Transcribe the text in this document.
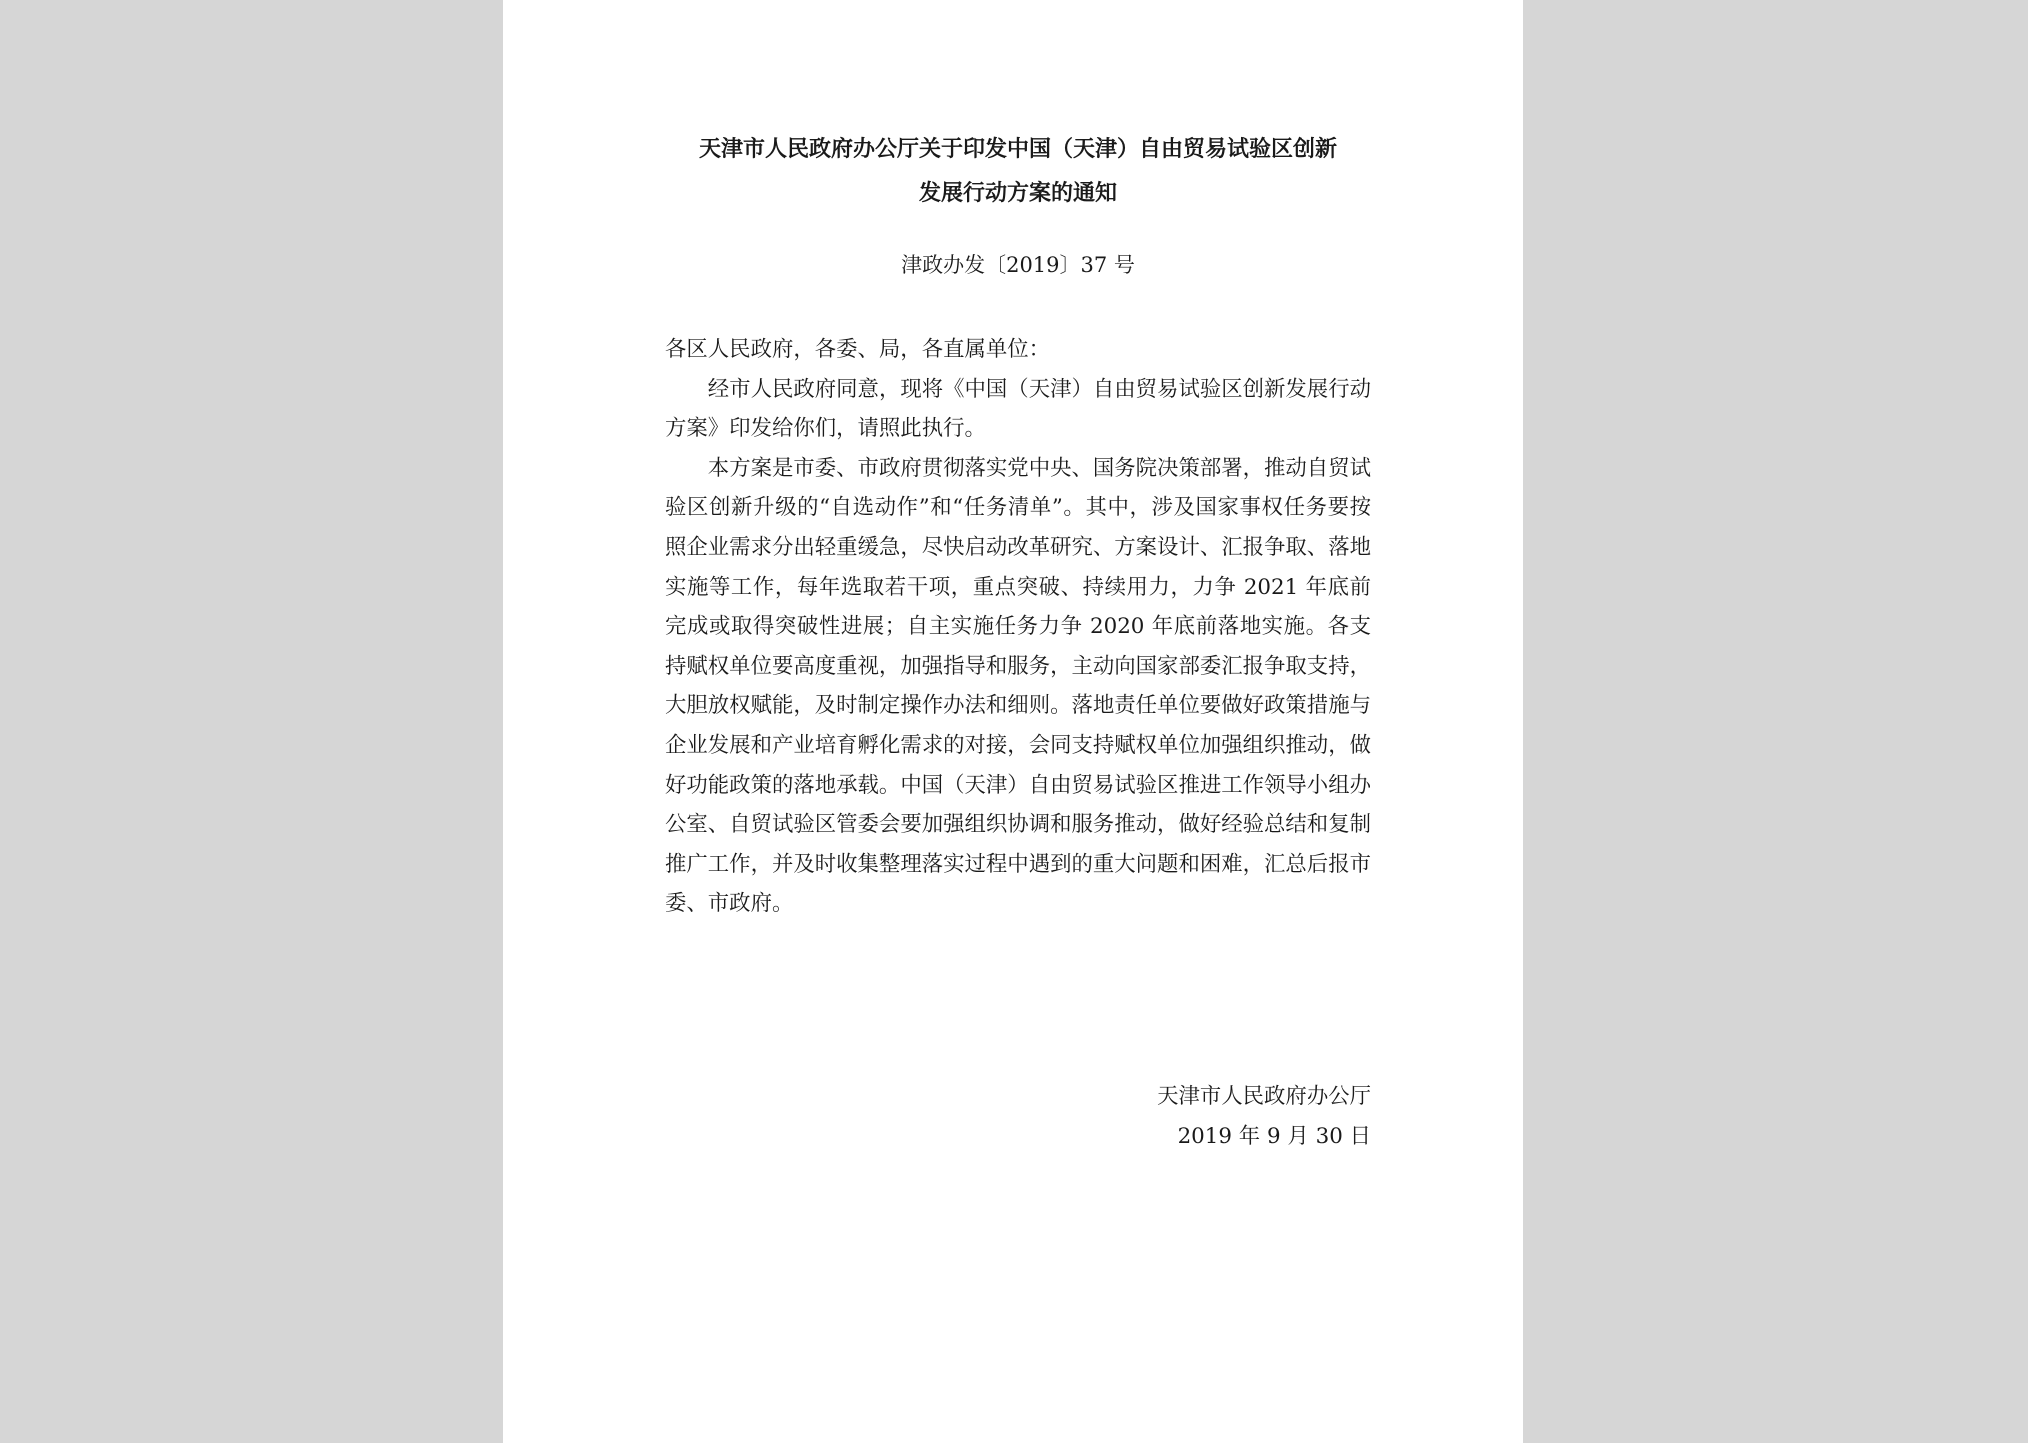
天津市人民政府办公厅关于印发中国（天津）自由贸易试验区创新
发展行动方案的通知

津政办发〔2019〕37 号

各区人民政府，各委、局，各直属单位：

经市人民政府同意，现将《中国（天津）自由贸易试验区创新发展行动方案》印发给你们，请照此执行。

本方案是市委、市政府贯彻落实党中央、国务院决策部署，推动自贸试验区创新升级的“自选动作”和“任务清单”。其中，涉及国家事权任务要按照企业需求分出轻重缓急，尽快启动改革研究、方案设计、汇报争取、落地实施等工作，每年选取若干项，重点突破、持续用力，力争 2021 年底前完成或取得突破性进展；自主实施任务力争 2020 年底前落地实施。各支持赋权单位要高度重视，加强指导和服务，主动向国家部委汇报争取支持，大胆放权赋能，及时制定操作办法和细则。落地责任单位要做好政策措施与企业发展和产业培育孵化需求的对接，会同支持赋权单位加强组织推动，做好功能政策的落地承载。中国（天津）自由贸易试验区推进工作领导小组办公室、自贸试验区管委会要加强组织协调和服务推动，做好经验总结和复制推广工作，并及时收集整理落实过程中遇到的重大问题和困难，汇总后报市委、市政府。

天津市人民政府办公厅
2019 年 9 月 30 日
